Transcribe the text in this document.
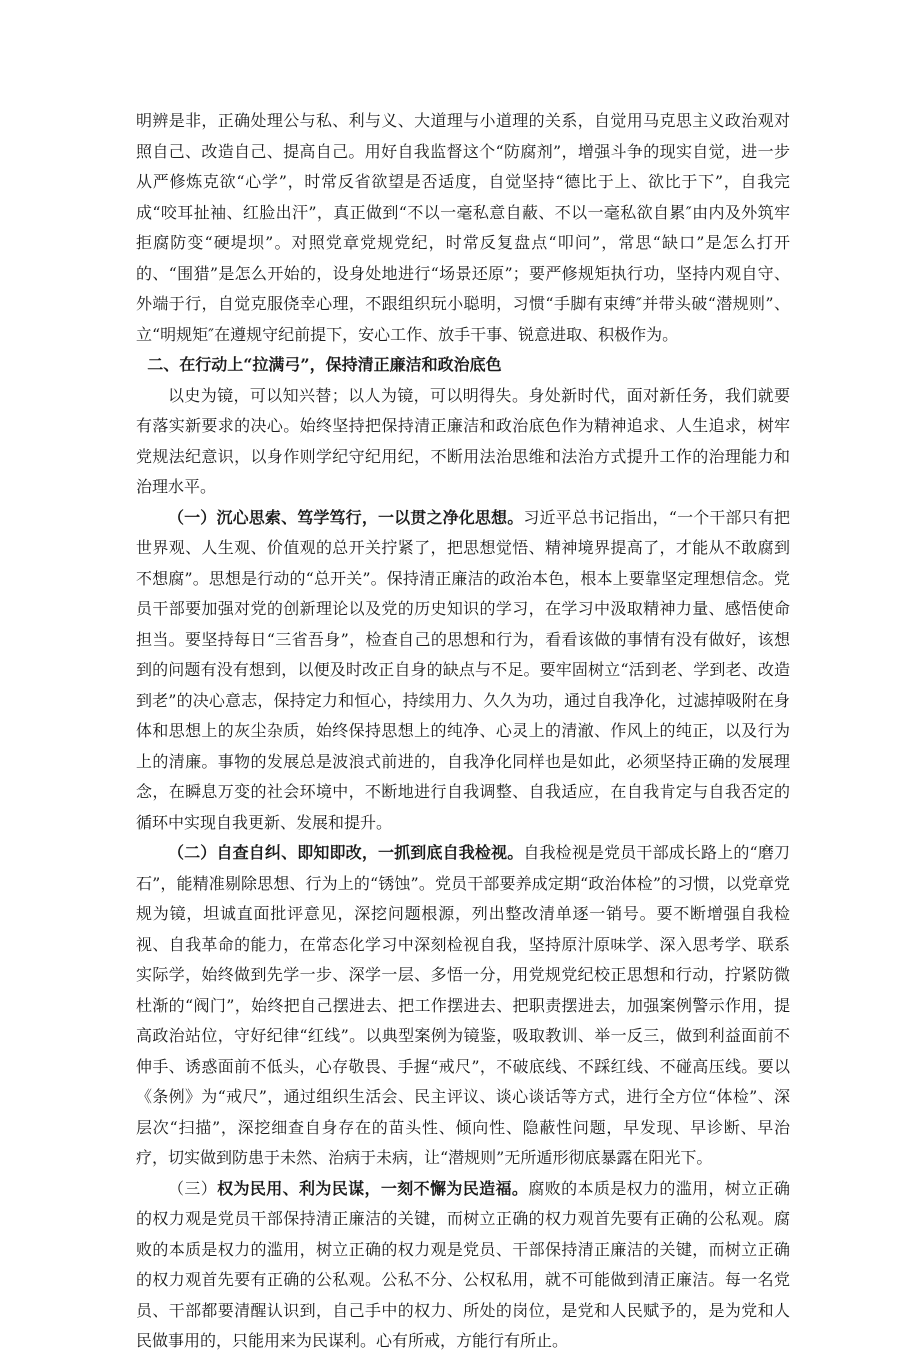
明辨是非，正确处理公与私、利与义、大道理与小道理的关系，自觉用马克思主义政治观对照自己、改造自己、提高自己。用好自我监督这个“防腐剂”，增强斗争的现实自觉，进一步从严修炼克欲“心学”，时常反省欲望是否适度，自觉坚持“德比于上、欲比于下”，自我完成“咬耳扯袖、红脸出汗”，真正做到“不以一毫私意自蔽、不以一毫私欲自累″由内及外筑牢拒腐防变“硬堤坝”。对照党章党规党纪，时常反复盘点“叩问”，常思“缺口”是怎么打开的、“围猎”是怎么开始的，设身处地进行“场景还原”；要严修规矩执行功，坚持内观自守、外端于行，自觉克服侥幸心理，不跟组织玩小聪明，习惯“手脚有束缚″并带头破“潜规则”、立“明规矩″在遵规守纪前提下，安心工作、放手干事、锐意进取、积极作为。

二、在行动上“拉满弓”，保持清正廉洁和政治底色

以史为镜，可以知兴替；以人为镜，可以明得失。身处新时代，面对新任务，我们就要有落实新要求的决心。始终坚持把保持清正廉洁和政治底色作为精神追求、人生追求，树牢党规法纪意识，以身作则学纪守纪用纪，不断用法治思维和法治方式提升工作的治理能力和治理水平。

（一）沉心思索、笃学笃行，一以贯之净化思想。习近平总书记指出，“一个干部只有把世界观、人生观、价值观的总开关拧紧了，把思想觉悟、精神境界提高了，才能从不敢腐到不想腐”。思想是行动的“总开关”。保持清正廉洁的政治本色，根本上要靠坚定理想信念。党员干部要加强对党的创新理论以及党的历史知识的学习，在学习中汲取精神力量、感悟使命担当。要坚持每日“三省吾身”，检查自己的思想和行为，看看该做的事情有没有做好，该想到的问题有没有想到，以便及时改正自身的缺点与不足。要牢固树立“活到老、学到老、改造到老”的决心意志，保持定力和恒心，持续用力、久久为功，通过自我净化，过滤掉吸附在身体和思想上的灰尘杂质，始终保持思想上的纯净、心灵上的清澈、作风上的纯正，以及行为上的清廉。事物的发展总是波浪式前进的，自我净化同样也是如此，必须坚持正确的发展理念，在瞬息万变的社会环境中，不断地进行自我调整、自我适应，在自我肯定与自我否定的循环中实现自我更新、发展和提升。

（二）自查自纠、即知即改，一抓到底自我检视。自我检视是党员干部成长路上的“磨刀石”，能精准剔除思想、行为上的“锈蚀”。党员干部要养成定期“政治体检”的习惯，以党章党规为镜，坦诚直面批评意见，深挖问题根源，列出整改清单逐一销号。要不断增强自我检视、自我革命的能力，在常态化学习中深刻检视自我，坚持原汁原味学、深入思考学、联系实际学，始终做到先学一步、深学一层、多悟一分，用党规党纪校正思想和行动，拧紧防微杜渐的“阀门”，始终把自己摆进去、把工作摆进去、把职责摆进去，加强案例警示作用，提高政治站位，守好纪律“红线”。以典型案例为镜鉴，吸取教训、举一反三，做到利益面前不伸手、诱惑面前不低头，心存敬畏、手握“戒尺”，不破底线、不踩红线、不碰高压线。要以《条例》为“戒尺”，通过组织生活会、民主评议、谈心谈话等方式，进行全方位“体检”、深层次“扫描”，深挖细查自身存在的苗头性、倾向性、隐蔽性问题，早发现、早诊断、早治疗，切实做到防患于未然、治病于未病，让“潜规则”无所遁形彻底暴露在阳光下。

（三）权为民用、利为民谋，一刻不懈为民造福。腐败的本质是权力的滥用，树立正确的权力观是党员干部保持清正廉洁的关键，而树立正确的权力观首先要有正确的公私观。腐败的本质是权力的滥用，树立正确的权力观是党员、干部保持清正廉洁的关键，而树立正确的权力观首先要有正确的公私观。公私不分、公权私用，就不可能做到清正廉洁。每一名党员、干部都要清醒认识到，自己手中的权力、所处的岗位，是党和人民赋予的，是为党和人民做事用的，只能用来为民谋利。心有所戒，方能行有所止。
